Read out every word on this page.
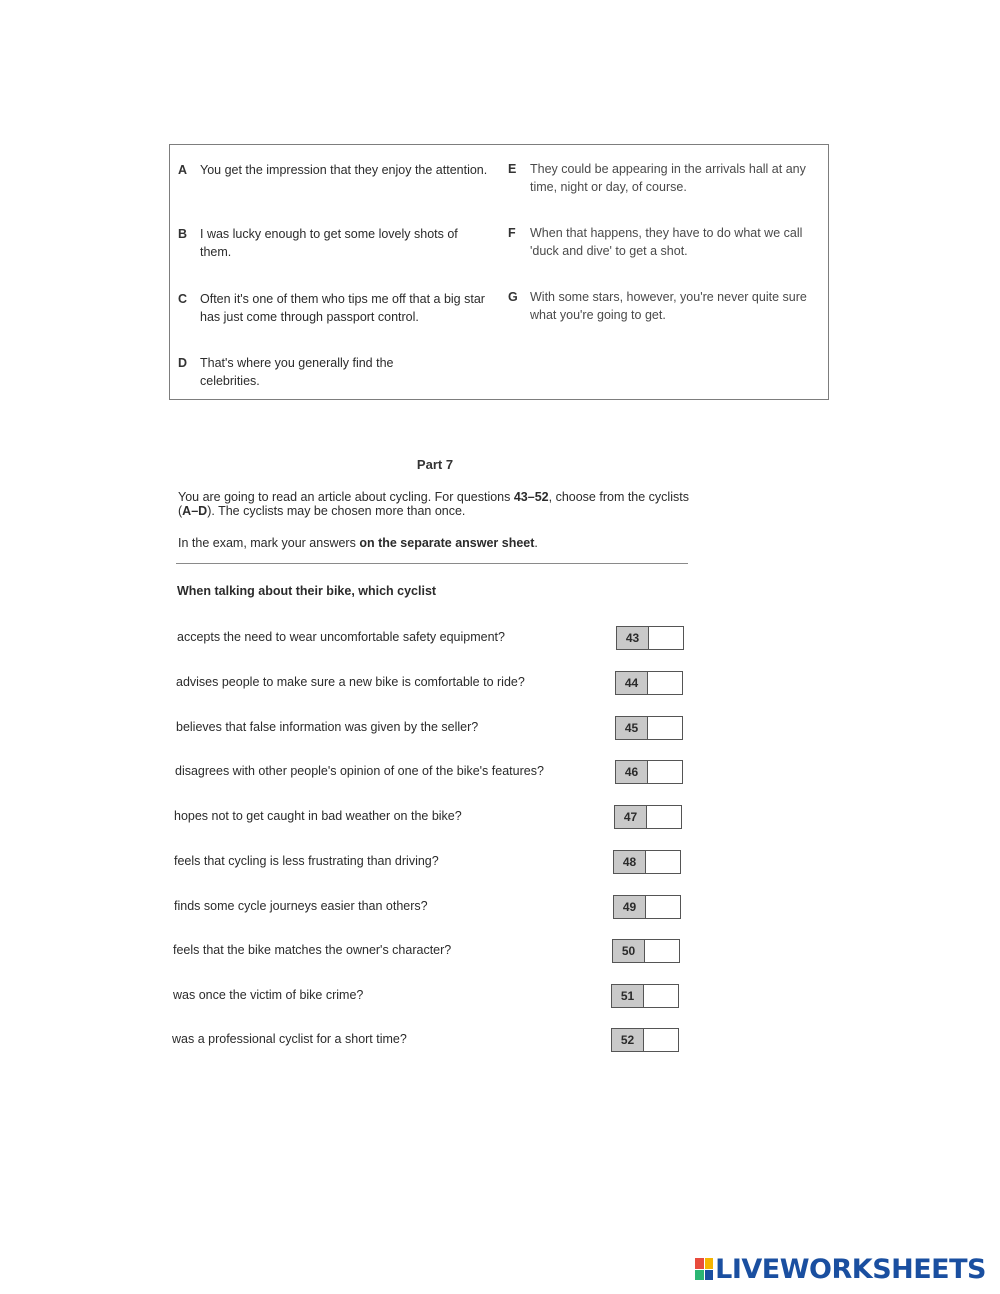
A You get the impression that they enjoy the attention.
B I was lucky enough to get some lovely shots of them.
C Often it's one of them who tips me off that a big star has just come through passport control.
D That's where you generally find the celebrities.
E They could be appearing in the arrivals hall at any time, night or day, of course.
F When that happens, they have to do what we call 'duck and dive' to get a shot.
G With some stars, however, you're never quite sure what you're going to get.
Part 7
You are going to read an article about cycling. For questions 43–52, choose from the cyclists (A–D). The cyclists may be chosen more than once.
In the exam, mark your answers on the separate answer sheet.
When talking about their bike, which cyclist
accepts the need to wear uncomfortable safety equipment?	43
advises people to make sure a new bike is comfortable to ride?	44
believes that false information was given by the seller?	45
disagrees with other people's opinion of one of the bike's features?	46
hopes not to get caught in bad weather on the bike?	47
feels that cycling is less frustrating than driving?	48
finds some cycle journeys easier than others?	49
feels that the bike matches the owner's character?	50
was once the victim of bike crime?	51
was a professional cyclist for a short time?	52
LIVEWORKSHEETS
